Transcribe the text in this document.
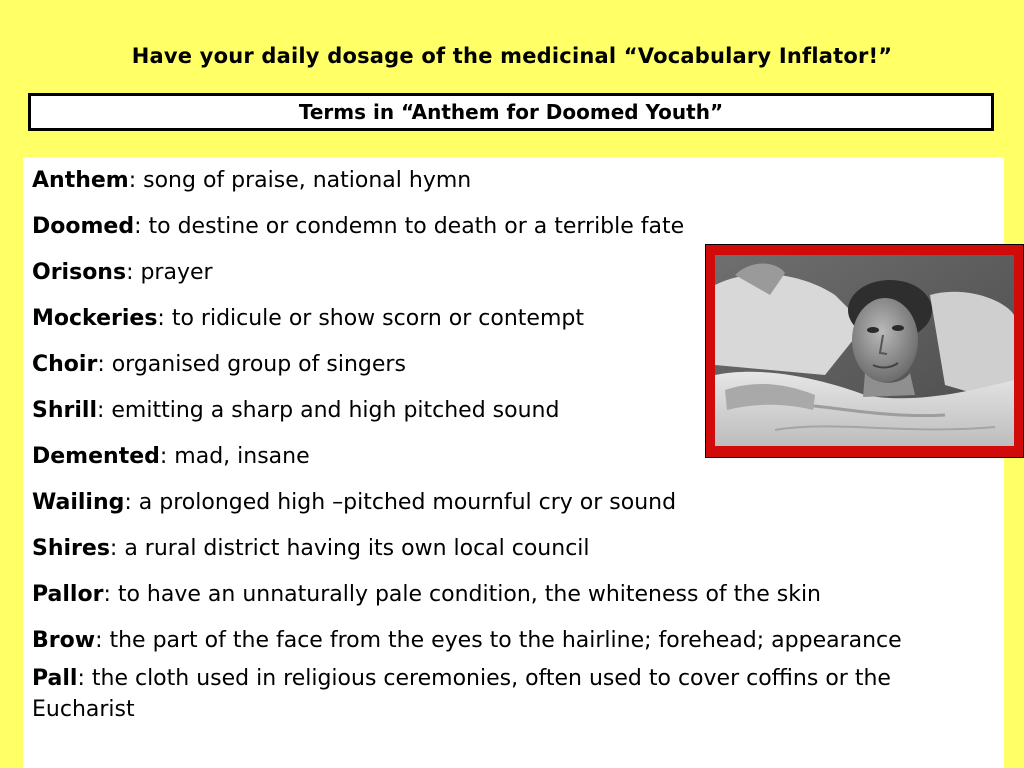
Have your daily dosage of the medicinal “Vocabulary Inflator!”
Terms in “Anthem for Doomed Youth”
Anthem: song of praise, national hymn
Doomed: to destine or condemn to death or a terrible fate
Orisons: prayer
Mockeries: to ridicule or show scorn or contempt
Choir: organised group of singers
Shrill: emitting a sharp and high pitched sound
Demented: mad, insane
Wailing: a prolonged high –pitched mournful cry or sound
Shires: a rural district having its own local council
Pallor: to have an unnaturally pale condition, the whiteness of the skin
Brow: the part of the face from the eyes to the hairline; forehead; appearance
Pall: the cloth used in religious ceremonies, often used to cover coffins or the Eucharist
